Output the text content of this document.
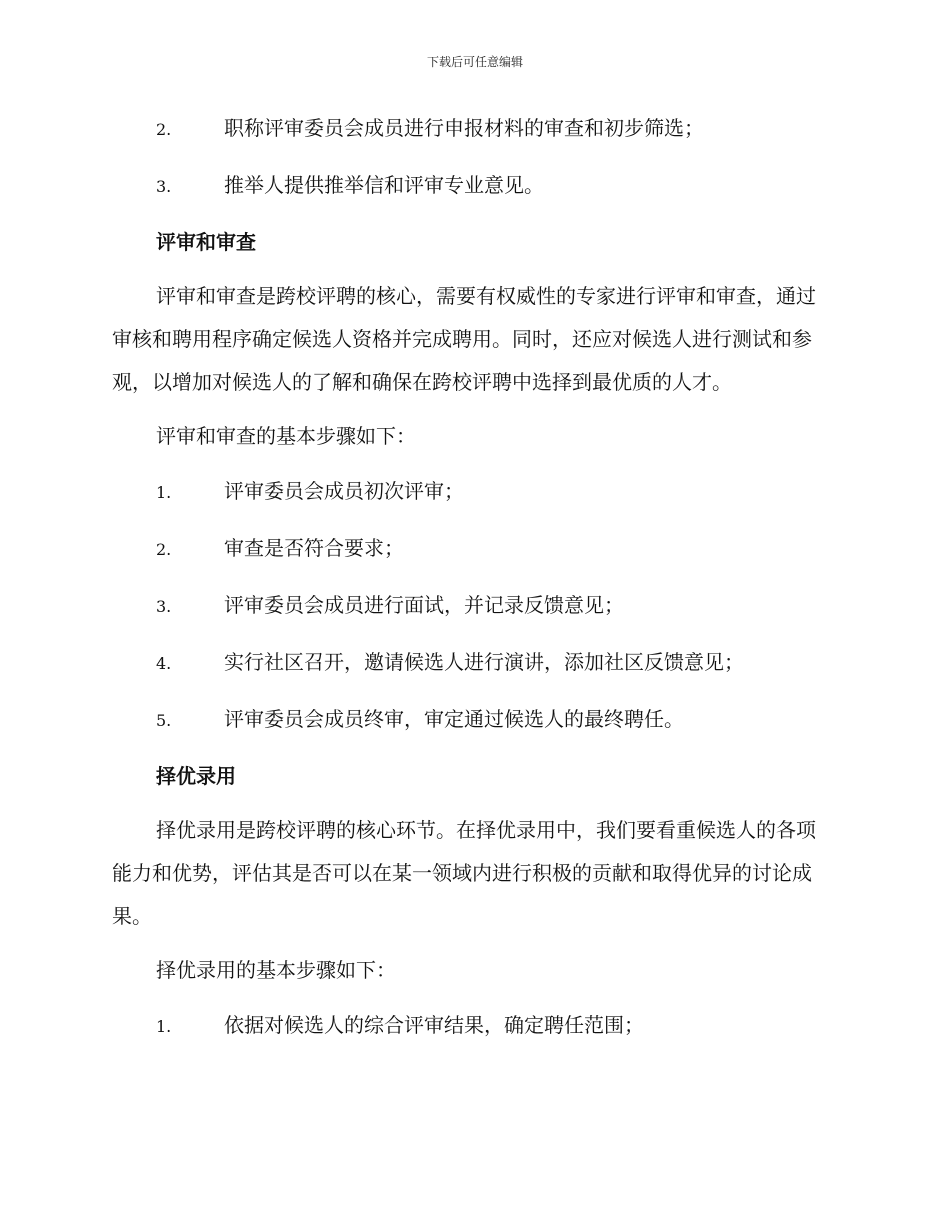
下载后可任意编辑
2.	职称评审委员会成员进行申报材料的审查和初步筛选；
3.	推举人提供推举信和评审专业意见。
评审和审查

评审和审查是跨校评聘的核心，需要有权威性的专家进行评审和审查，通过审核和聘用程序确定候选人资格并完成聘用。同时，还应对候选人进行测试和参观，以增加对候选人的了解和确保在跨校评聘中选择到最优质的人才。

评审和审查的基本步骤如下：

1.	评审委员会成员初次评审；
2.	审查是否符合要求；
3.	评审委员会成员进行面试，并记录反馈意见；
4.	实行社区召开，邀请候选人进行演讲，添加社区反馈意见；
5.	评审委员会成员终审，审定通过候选人的最终聘任。
择优录用

择优录用是跨校评聘的核心环节。在择优录用中，我们要看重候选人的各项能力和优势，评估其是否可以在某一领域内进行积极的贡献和取得优异的讨论成果。

择优录用的基本步骤如下：

1.	依据对候选人的综合评审结果，确定聘任范围；
